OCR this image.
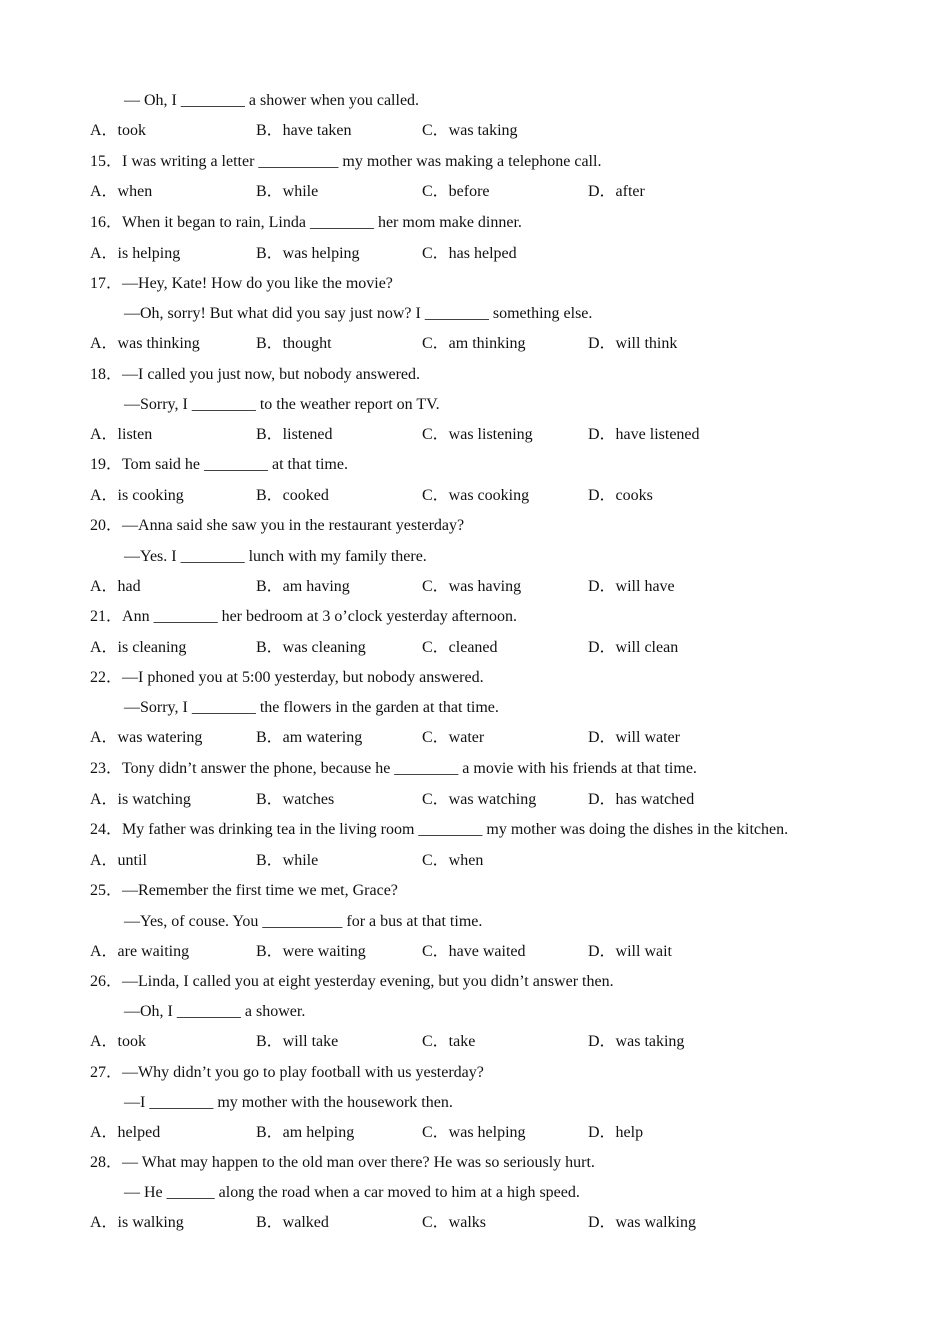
— Oh, I ________ a shower when you called.
A．took	B．have taken	C．was taking
15．I was writing a letter __________ my mother was making a telephone call.
A．when	B．while	C．before	D．after
16．When it began to rain, Linda ________ her mom make dinner.
A．is helping	B．was helping	C．has helped
17．—Hey, Kate! How do you like the movie?
—Oh, sorry! But what did you say just now? I ________ something else.
A．was thinking	B．thought	C．am thinking	D．will think
18．—I called you just now, but nobody answered.
—Sorry, I ________ to the weather report on TV.
A．listen	B．listened	C．was listening	D．have listened
19．Tom said he ________ at that time.
A．is cooking	B．cooked	C．was cooking	D．cooks
20．—Anna said she saw you in the restaurant yesterday?
—Yes. I ________ lunch with my family there.
A．had	B．am having	C．was having	D．will have
21．Ann ________ her bedroom at 3 o’clock yesterday afternoon.
A．is cleaning	B．was cleaning	C．cleaned	D．will clean
22．—I phoned you at 5:00 yesterday, but nobody answered.
—Sorry, I ________ the flowers in the garden at that time.
A．was watering	B．am watering	C．water	D．will water
23．Tony didn’t answer the phone, because he ________ a movie with his friends at that time.
A．is watching	B．watches	C．was watching	D．has watched
24．My father was drinking tea in the living room ________ my mother was doing the dishes in the kitchen.
A．until	B．while	C．when
25．—Remember the first time we met, Grace?
—Yes, of couse. You __________ for a bus at that time.
A．are waiting	B．were waiting	C．have waited	D．will wait
26．—Linda, I called you at eight yesterday evening, but you didn’t answer then.
—Oh, I ________ a shower.
A．took	B．will take	C．take	D．was taking
27．—Why didn’t you go to play football with us yesterday?
—I ________ my mother with the housework then.
A．helped	B．am helping	C．was helping	D．help
28．— What may happen to the old man over there? He was so seriously hurt.
— He ______ along the road when a car moved to him at a high speed.
A．is walking	B．walked	C．walks	D．was walking
